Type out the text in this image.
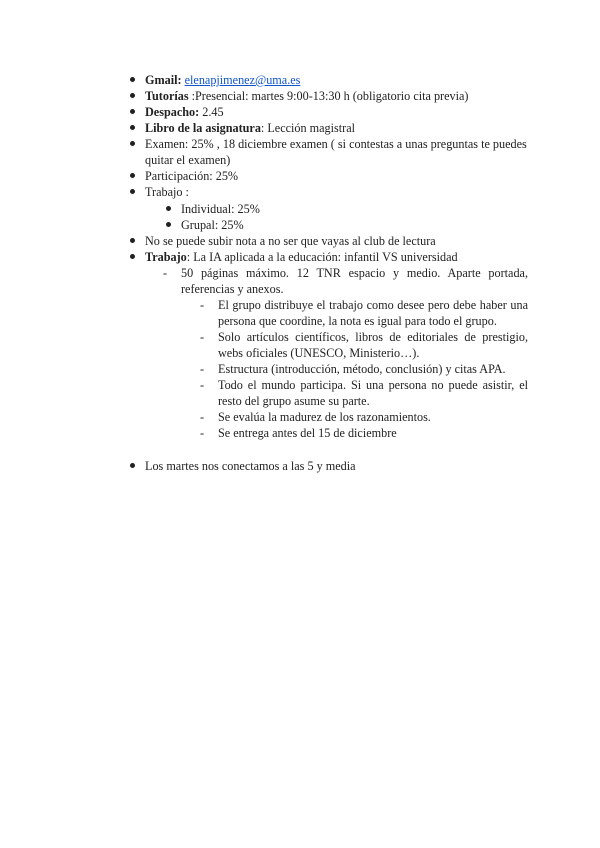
Gmail: elenapjimenez@uma.es
Tutorías :Presencial: martes 9:00-13:30 h (obligatorio cita previa)
Despacho: 2.45
Libro de la asignatura: Lección magistral
Examen: 25% , 18 diciembre examen ( si contestas a unas preguntas te puedes quitar el examen)
Participación: 25%
Trabajo :
Individual: 25%
Grupal: 25%
No se puede subir nota a no ser que vayas al club de lectura
Trabajo: La IA aplicada a la educación: infantil VS universidad
- 50 páginas máximo. 12 TNR espacio y medio. Aparte portada, referencias y anexos.
- El grupo distribuye el trabajo como desee pero debe haber una persona que coordine, la nota es igual para todo el grupo.
- Solo artículos científicos, libros de editoriales de prestigio, webs oficiales (UNESCO, Ministerio…).
- Estructura (introducción, método, conclusión) y citas APA.
- Todo el mundo participa. Si una persona no puede asistir, el resto del grupo asume su parte.
- Se evalúa la madurez de los razonamientos.
- Se entrega antes del 15 de diciembre
Los martes nos conectamos a las 5 y media
